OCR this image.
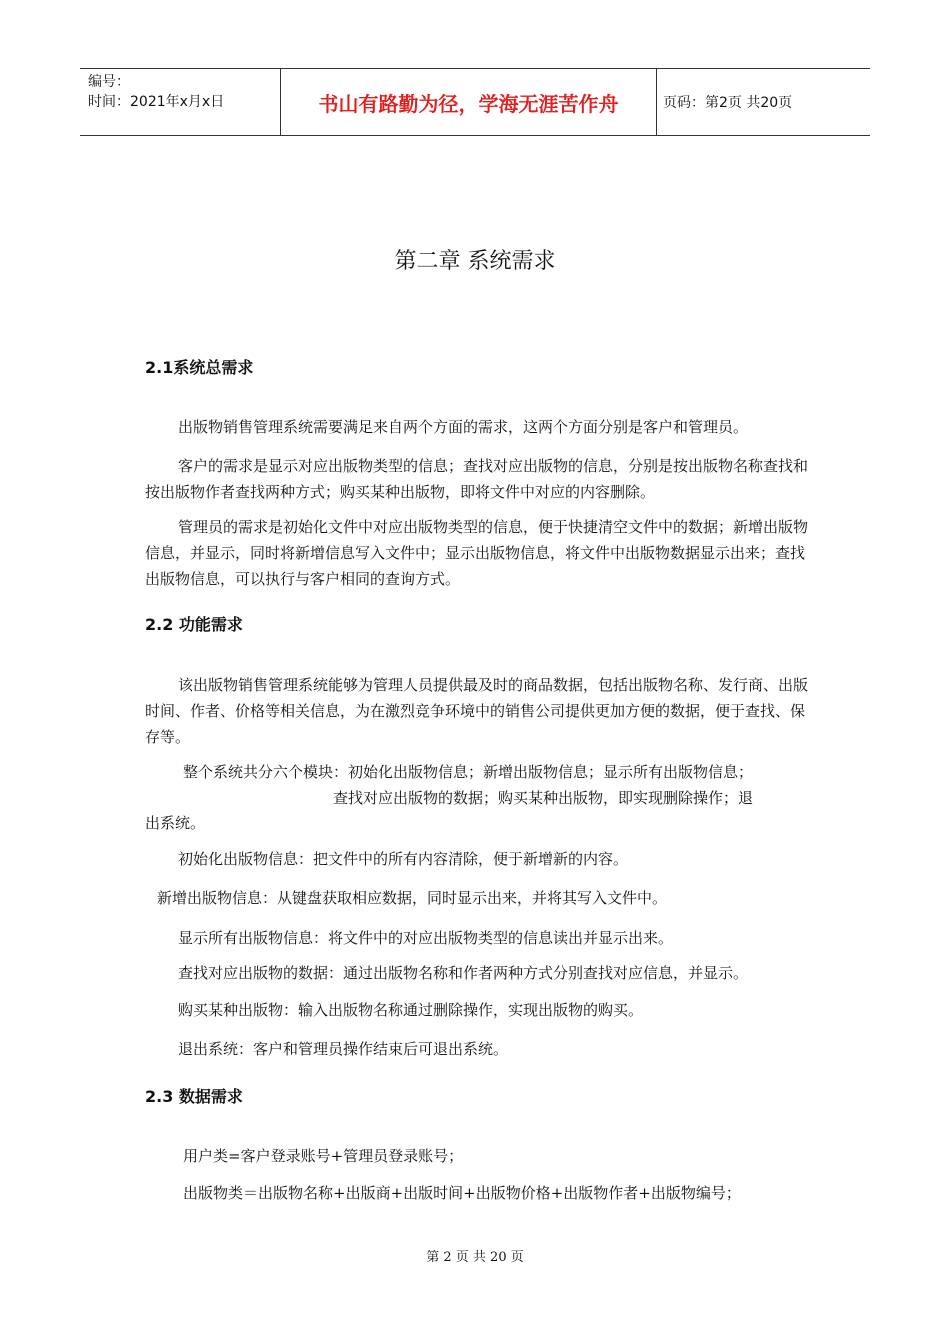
编号：
时间：2021年x月x日	书山有路勤为径，学海无涯苦作舟	页码：第2页 共20页
第二章 系统需求
2.1系统总需求

出版物销售管理系统需要满足来自两个方面的需求，这两个方面分别是客户和管理员。

客户的需求是显示对应出版物类型的信息；查找对应出版物的信息，分别是按出版物名称查找和按出版物作者查找两种方式；购买某种出版物，即将文件中对应的内容删除。

管理员的需求是初始化文件中对应出版物类型的信息，便于快捷清空文件中的数据；新增出版物信息，并显示，同时将新增信息写入文件中；显示出版物信息，将文件中出版物数据显示出来；查找出版物信息，可以执行与客户相同的查询方式。

2.2 功能需求

该出版物销售管理系统能够为管理人员提供最及时的商品数据，包括出版物名称、发行商、出版时间、作者、价格等相关信息，为在激烈竞争环境中的销售公司提供更加方便的数据，便于查找、保存等。

整个系统共分六个模块：初始化出版物信息；新增出版物信息；显示所有出版物信息；

查找对应出版物的数据；购买某种出版物，即实现删除操作；退

出系统。

初始化出版物信息：把文件中的所有内容清除，便于新增新的内容。

新增出版物信息：从键盘获取相应数据，同时显示出来，并将其写入文件中。

显示所有出版物信息：将文件中的对应出版物类型的信息读出并显示出来。

查找对应出版物的数据：通过出版物名称和作者两种方式分别查找对应信息，并显示。

购买某种出版物：输入出版物名称通过删除操作，实现出版物的购买。

退出系统：客户和管理员操作结束后可退出系统。

2.3 数据需求

用户类=客户登录账号+管理员登录账号；

出版物类＝出版物名称+出版商+出版时间+出版物价格+出版物作者+出版物编号；

第 2 页 共 20 页
